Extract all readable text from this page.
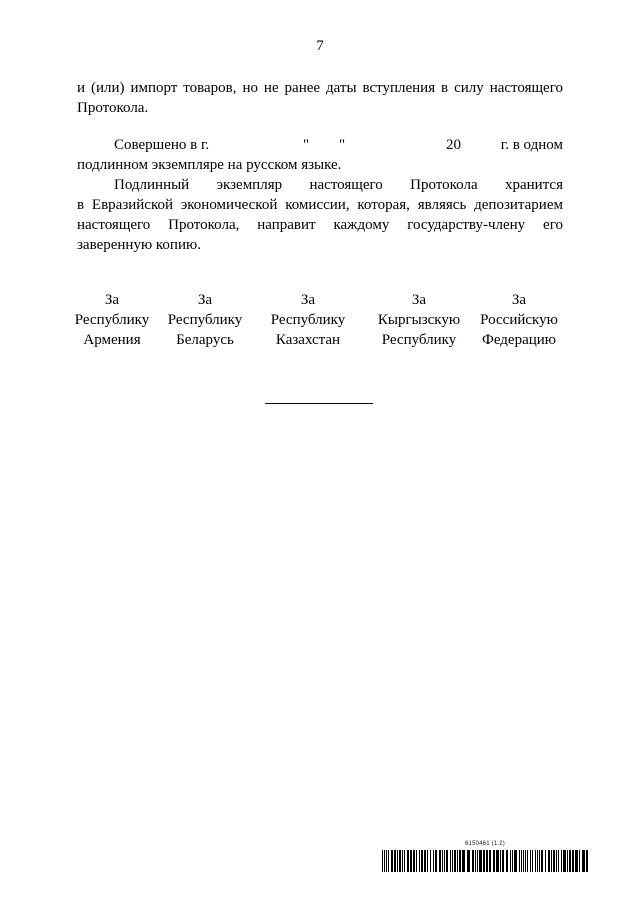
7
и (или) импорт товаров, но не ранее даты вступления в силу настоящего
Протокола.
Совершено в г.	" "	20	г. в одном
подлинном экземпляре на русском языке.
Подлинный экземпляр настоящего Протокола хранится
в Евразийской экономической комиссии, которая, являясь депозитарием
настоящего Протокола, направит каждому государству-члену его
заверенную копию.
За
Республику
Армения
За
Республику
Беларусь
За
Республику
Казахстан
За
Кыргызскую
Республику
За
Российскую
Федерацию
6150461 (1.2)
